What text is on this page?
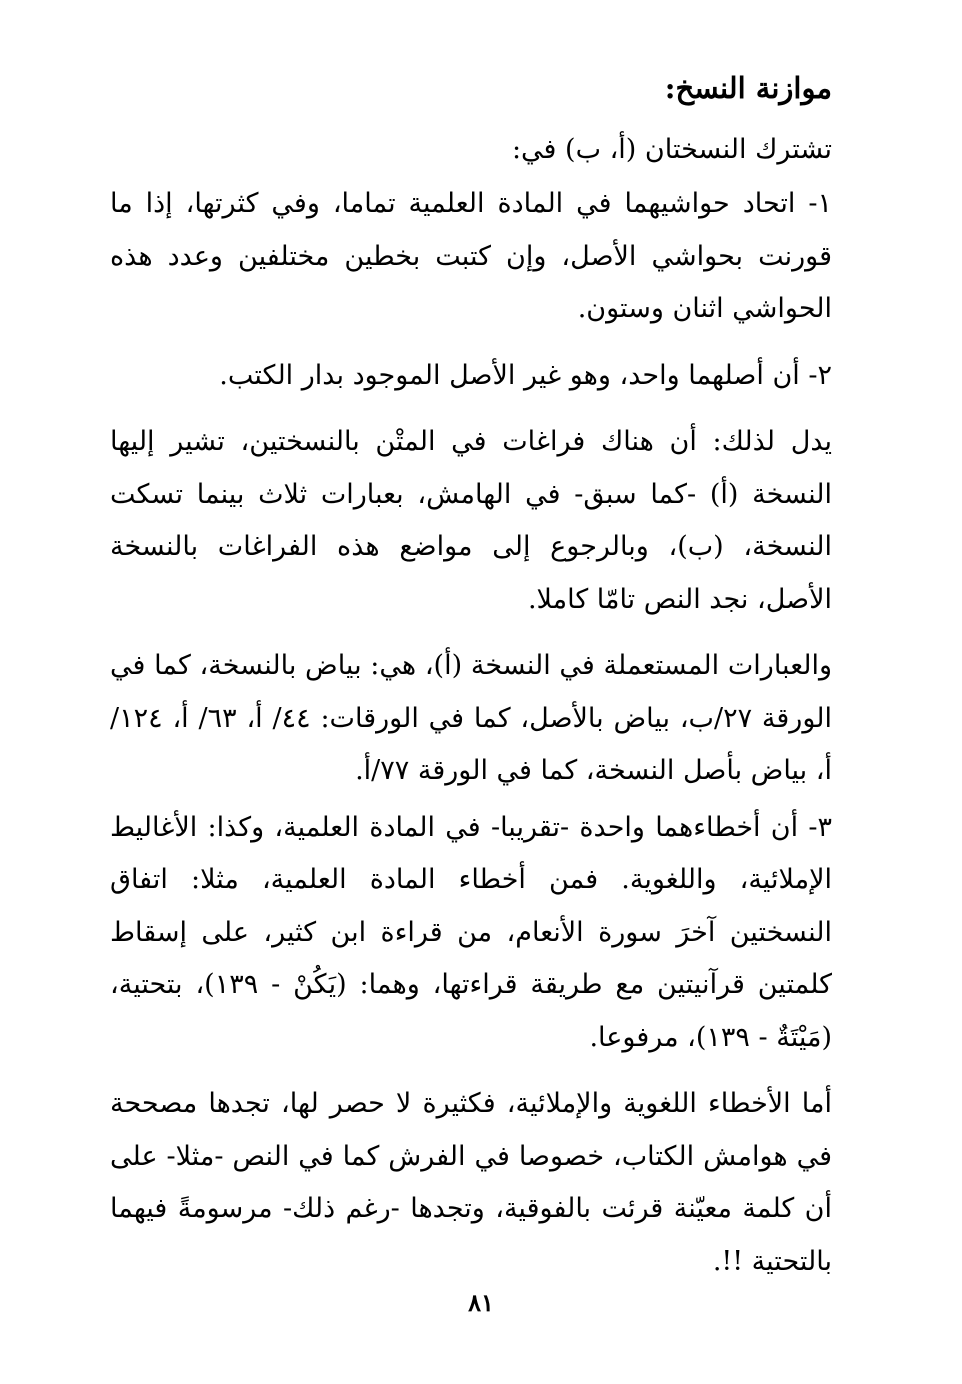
موازنة النسخ:

تشترك النسختان (أ، ب) في:

١- اتحاد حواشيهما في المادة العلمية تماما، وفي كثرتها، إذا ما قورنت بحواشي الأصل، وإن كتبت بخطين مختلفين وعدد هذه الحواشي اثنان وستون.

٢- أن أصلهما واحد، وهو غير الأصل الموجود بدار الكتب.

يدل لذلك: أن هناك فراغات في المتْن بالنسختين، تشير إليها النسخة (أ) -كما سبق- في الهامش، بعبارات ثلاث بينما تسكت النسخة، (ب)، وبالرجوع إلى مواضع هذه الفراغات بالنسخة الأصل، نجد النص تامّا كاملا.

والعبارات المستعملة في النسخة (أ)، هي: بياض بالنسخة، كما في الورقة ٢٧/ب، بياض بالأصل، كما في الورقات: ٤٤/ أ، ٦٣/ أ، ١٢٤/أ، بياض بأصل النسخة، كما في الورقة ٧٧/أ.

٣- أن أخطاءهما واحدة -تقريبا- في المادة العلمية، وكذا: الأغاليط الإملائية، واللغوية. فمن أخطاء المادة العلمية، مثلا: اتفاق النسختين آخرَ سورة الأنعام، من قراءة ابن كثير، على إسقاط كلمتين قرآنيتين مع طريقة قراءتها، وهما: (يَكُنْ - ١٣٩)، بتحتية، (مَيْتَةٌ - ١٣٩)، مرفوعا.

أما الأخطاء اللغوية والإملائية، فكثيرة لا حصر لها، تجدها مصححة في هوامش الكتاب، خصوصا في الفرش كما في النص -مثلا- على أن كلمة معيّنة قرئت بالفوقية، وتجدها -رغم ذلك- مرسومةً فيهما بالتحتية !!.

٨١
